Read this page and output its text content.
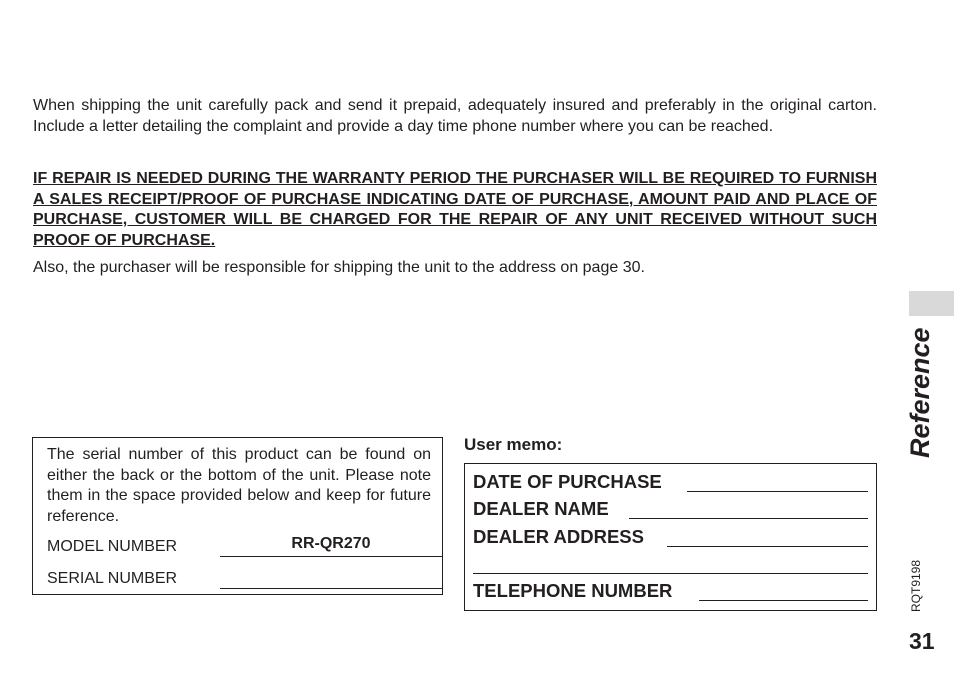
When shipping the unit carefully pack and send it prepaid, adequately insured and preferably in the original carton. Include a letter detailing the complaint and provide a day time phone number where you can be reached.

IF REPAIR IS NEEDED DURING THE WARRANTY PERIOD THE PURCHASER WILL BE REQUIRED TO FURNISH A SALES RECEIPT/PROOF OF PURCHASE INDICATING DATE OF PURCHASE, AMOUNT PAID AND PLACE OF PURCHASE, CUSTOMER WILL BE CHARGED FOR THE REPAIR OF ANY UNIT RECEIVED WITHOUT SUCH PROOF OF PURCHASE.

Also, the purchaser will be responsible for shipping the unit to the address on page 30.

Reference
RQT9198
31

The serial number of this product can be found on either the back or the bottom of the unit. Please note them in the space provided below and keep for future reference.

MODEL NUMBER	RR-QR270
SERIAL NUMBER
User memo:
DATE OF PURCHASE
DEALER NAME
DEALER ADDRESS
TELEPHONE NUMBER
